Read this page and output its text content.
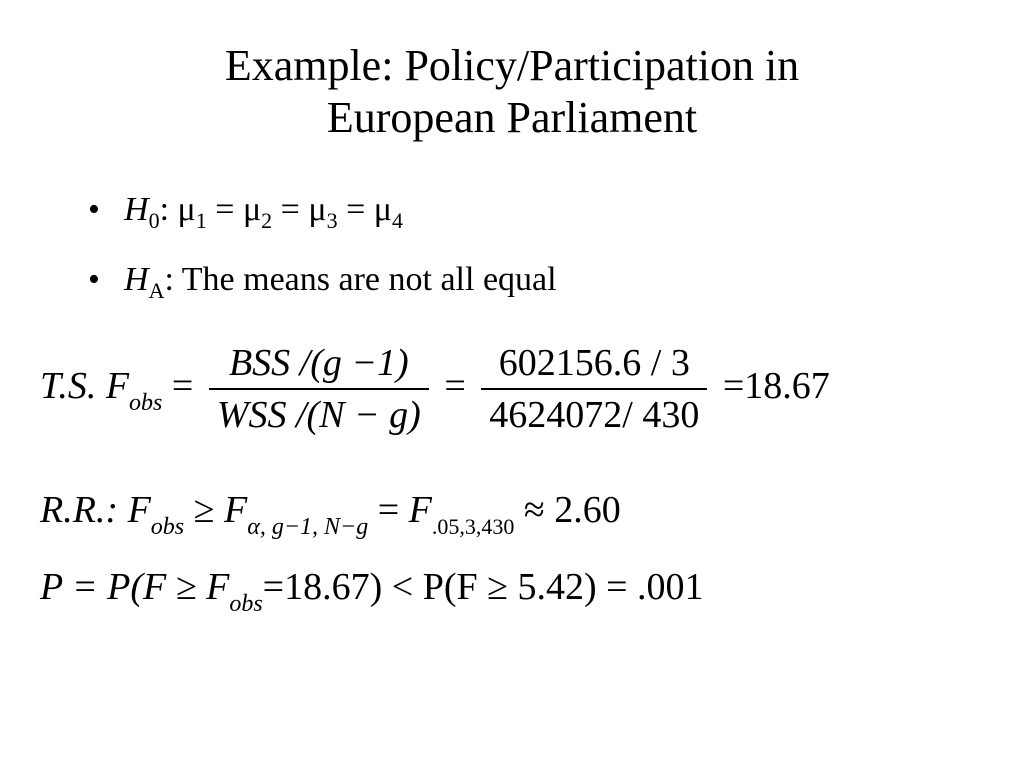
Example: Policy/Participation in
European Parliament
• $H_0$: $\mu_1 = \mu_2 = \mu_3 = \mu_4$
• $H_A$: The means are not all equal
T.S. Fobs = $\frac{\text{BSS /(g −1)}}{\text{WSS /(N − g)}} = \frac{602156.6 / 3}{4624072/ 430} =18.67$
R.R.: Fobs ≥ Fα, g−1, N−g = F.05,3,430 ≈ 2.60
P = P(F ≥ Fobs=18.67) < P(F ≥ 5.42) = .001
